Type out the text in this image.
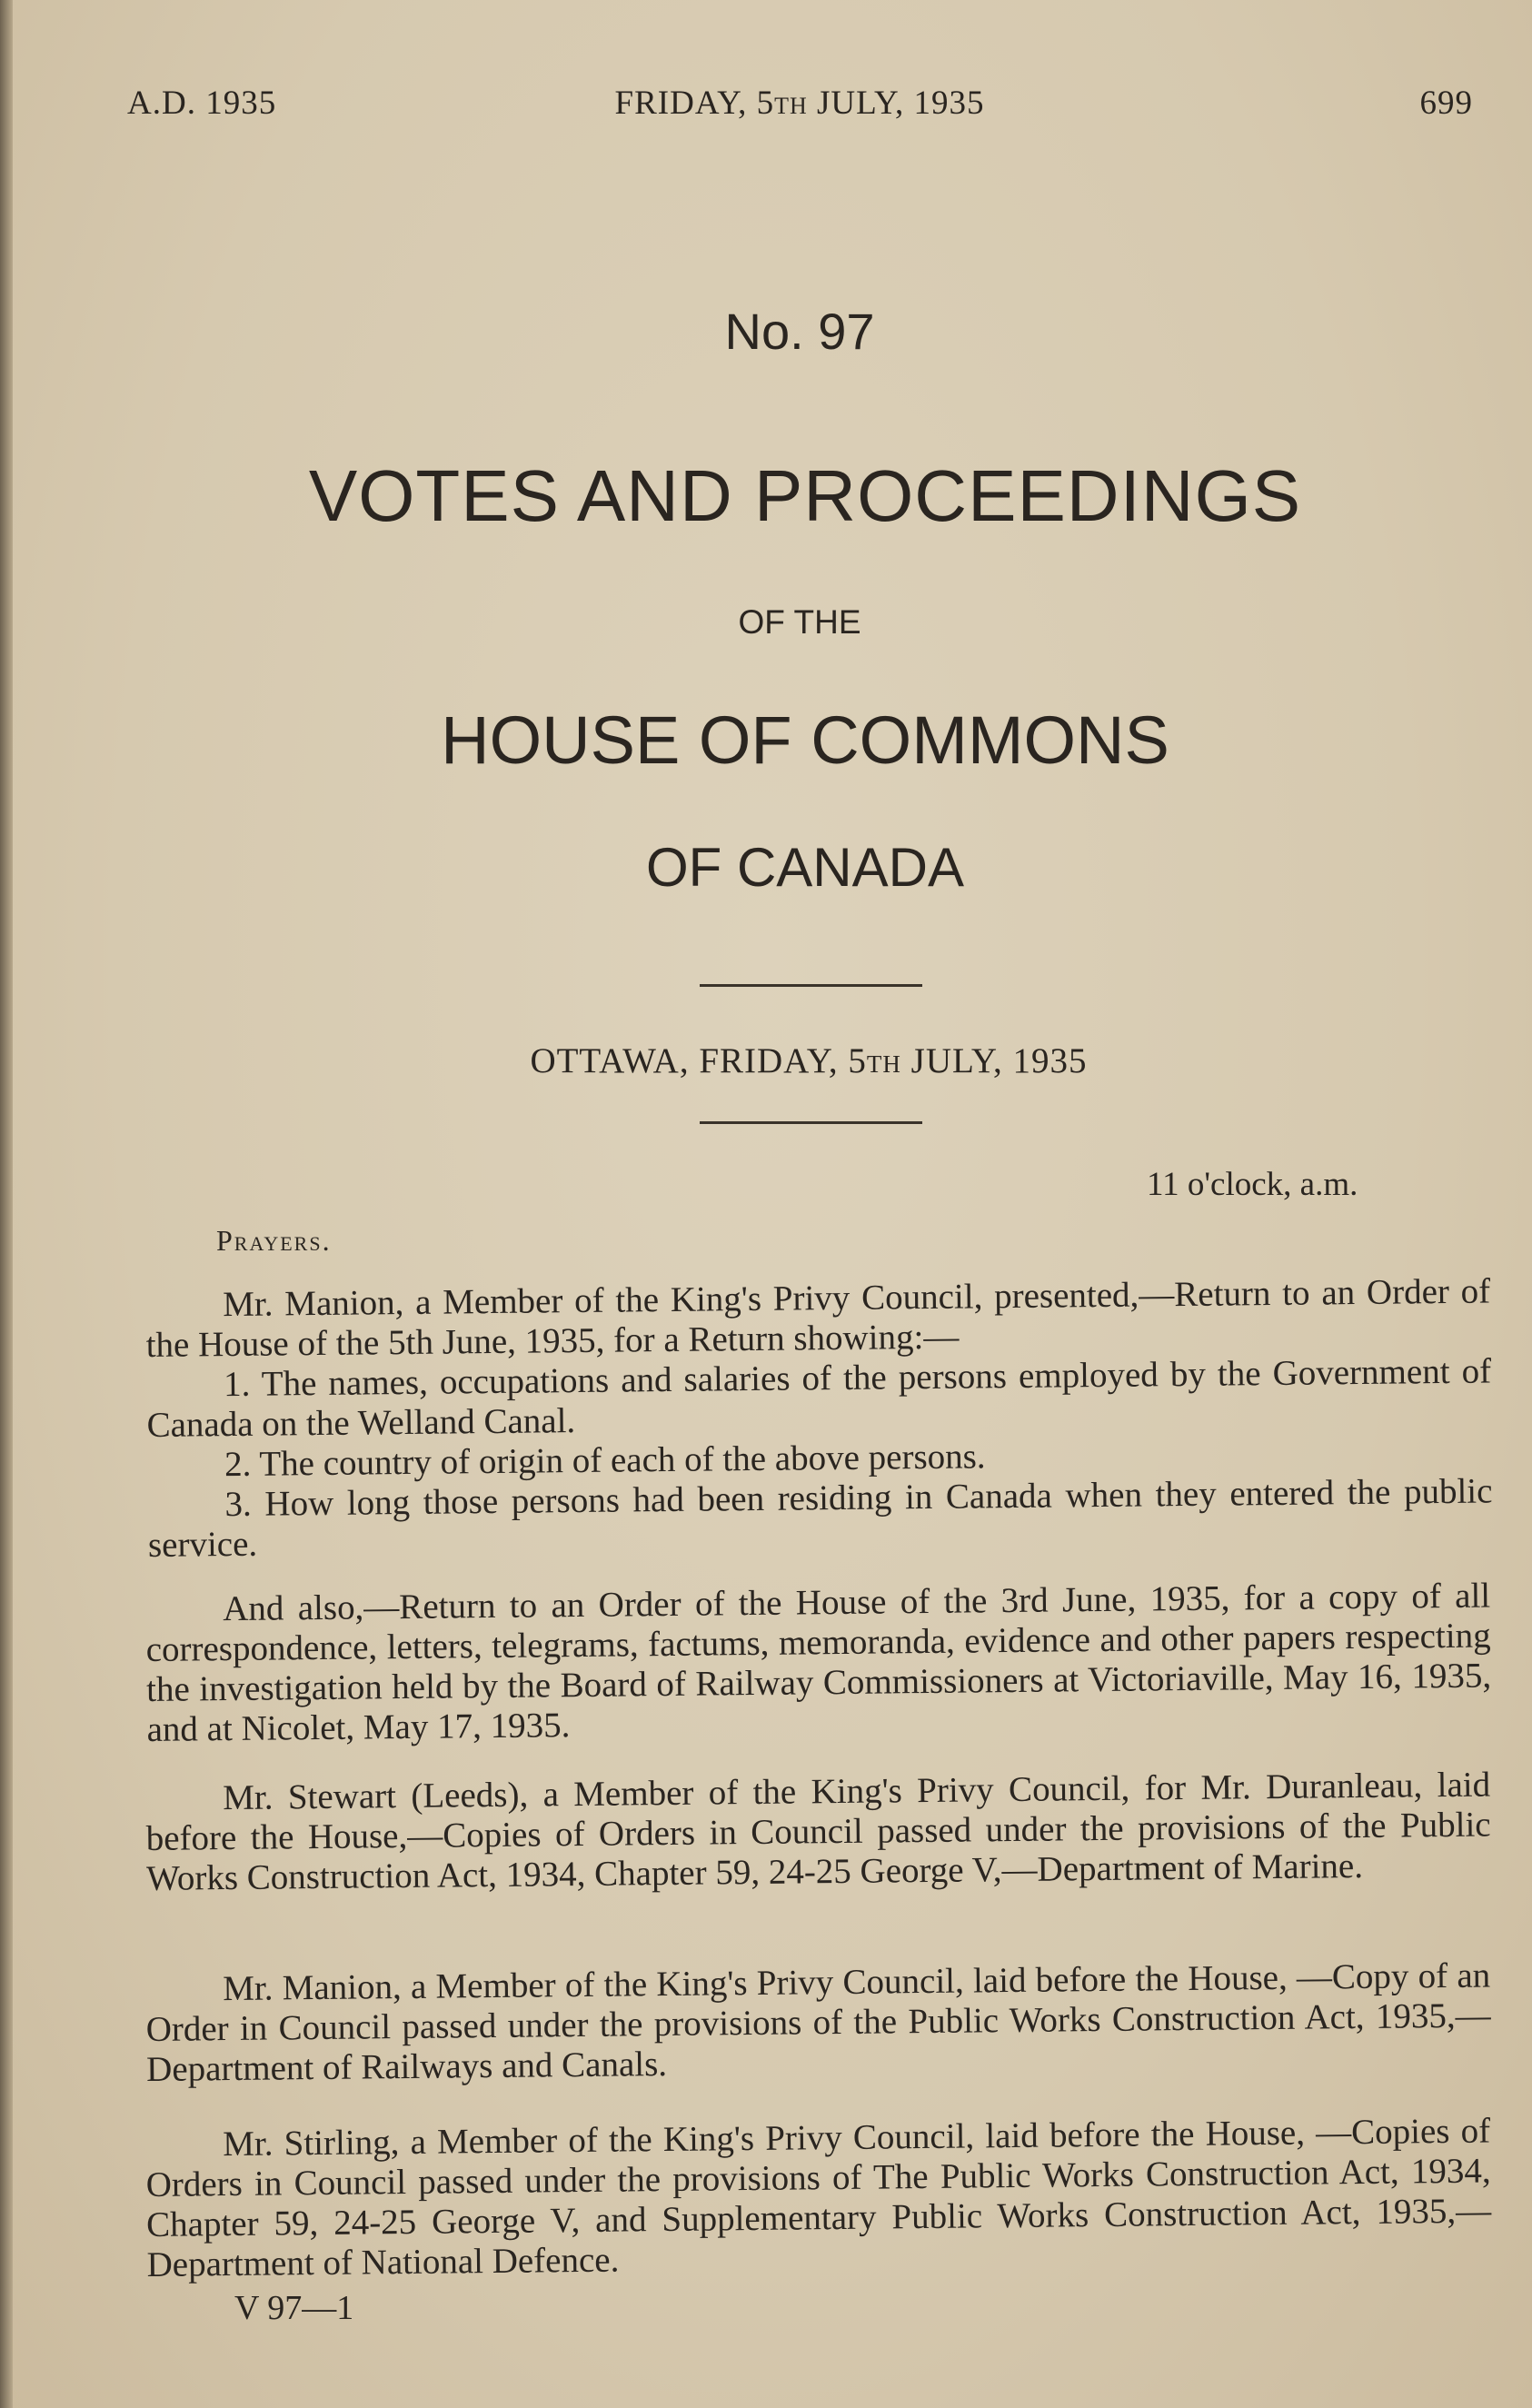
A.D. 1935	FRIDAY, 5th JULY, 1935	699
No. 97
VOTES AND PROCEEDINGS
OF THE
HOUSE OF COMMONS
OF CANADA
OTTAWA, FRIDAY, 5th JULY, 1935
11 o'clock, a.m.
Prayers.

Mr. Manion, a Member of the King's Privy Council, presented,—Return to an Order of the House of the 5th June, 1935, for a Return showing:—

1. The names, occupations and salaries of the persons employed by the Government of Canada on the Welland Canal.

2. The country of origin of each of the above persons.

3. How long those persons had been residing in Canada when they entered the public service.

And also,—Return to an Order of the House of the 3rd June, 1935, for a copy of all correspondence, letters, telegrams, factums, memoranda, evidence and other papers respecting the investigation held by the Board of Railway Commissioners at Victoriaville, May 16, 1935, and at Nicolet, May 17, 1935.

Mr. Stewart (Leeds), a Member of the King's Privy Council, for Mr. Duranleau, laid before the House,—Copies of Orders in Council passed under the provisions of the Public Works Construction Act, 1934, Chapter 59, 24-25 George V,—Department of Marine.

Mr. Manion, a Member of the King's Privy Council, laid before the House, —Copy of an Order in Council passed under the provisions of the Public Works Construction Act, 1935,—Department of Railways and Canals.

Mr. Stirling, a Member of the King's Privy Council, laid before the House, —Copies of Orders in Council passed under the provisions of The Public Works Construction Act, 1934, Chapter 59, 24-25 George V, and Supplementary Public Works Construction Act, 1935,—Department of National Defence.

V 97—1
